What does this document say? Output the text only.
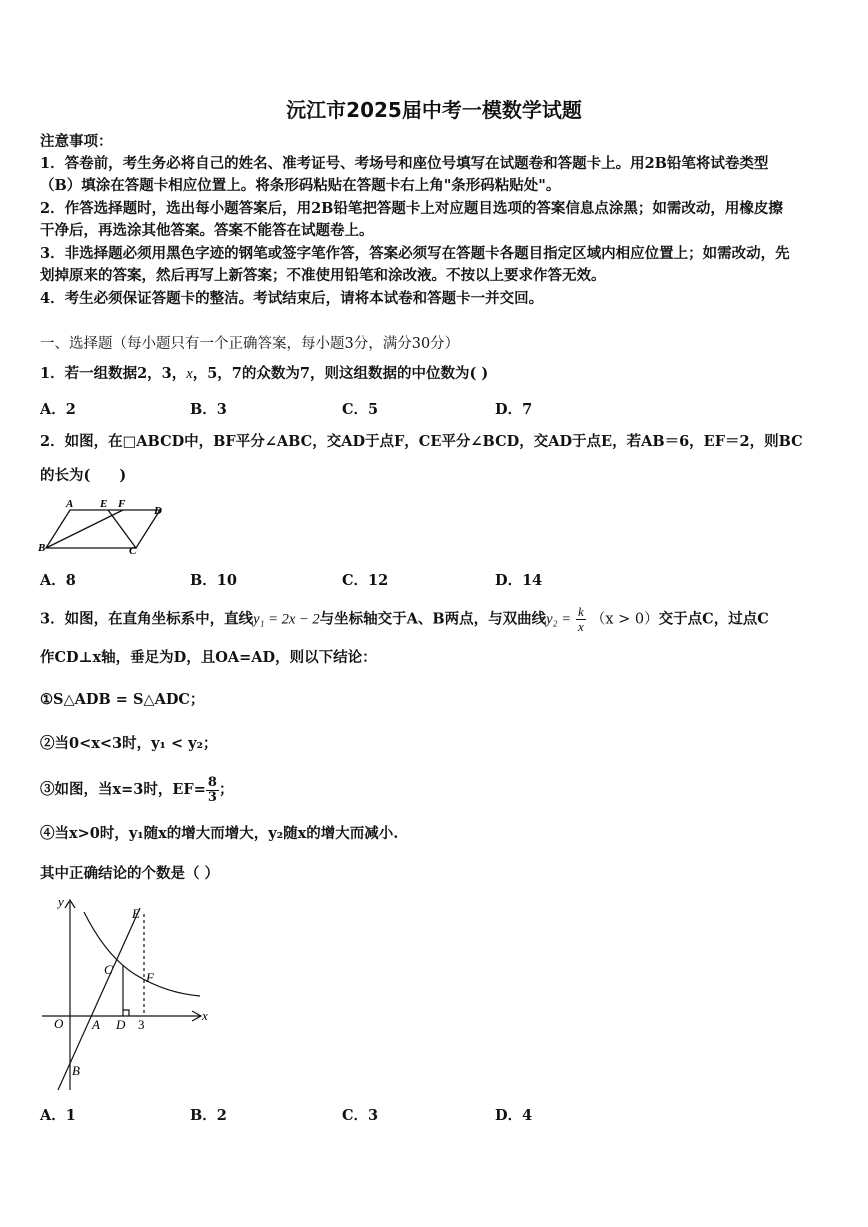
沅江市2025届中考一模数学试题
注意事项：
1．答卷前，考生务必将自己的姓名、准考证号、考场号和座位号填写在试题卷和答题卡上。用2B铅笔将试卷类型
（B）填涂在答题卡相应位置上。将条形码粘贴在答题卡右上角"条形码粘贴处"。
2．作答选择题时，选出每小题答案后，用2B铅笔把答题卡上对应题目选项的答案信息点涂黑；如需改动，用橡皮擦
干净后，再选涂其他答案。答案不能答在试题卷上。
3．非选择题必须用黑色字迹的钢笔或签字笔作答，答案必须写在答题卡各题目指定区域内相应位置上；如需改动，先
划掉原来的答案，然后再写上新答案；不准使用铅笔和涂改液。不按以上要求作答无效。
4．考生必须保证答题卡的整洁。考试结束后，请将本试卷和答题卡一并交回。
一、选择题（每小题只有一个正确答案，每小题3分，满分30分）
1．若一组数据2，3，x，5，7的众数为7，则这组数据的中位数为( )
A．2	B．3	C．5	D．7
2．如图，在□ABCD中，BF平分∠ABC，交AD于点F，CE平分∠BCD，交AD于点E，若AB＝6，EF＝2，则BC
的长为(　　)
A E F
D
B	C
A．8	B．10	C．12	D．14
3．如图，在直角坐标系中，直线y₁ = 2x − 2与坐标轴交于A、B两点，与双曲线$y_2 = \frac{k}{x} (x > 0)$交于点C，过点C
作CD⊥x轴，垂足为D，且OA=AD，则以下结论：
①S△ADB = S△ADC；
②当0<x<3时，y₁ < y₂；
③如图，当x=3时，$EF= \frac{8}{3}$ ；
④当x>0时，y₁随x的增大而增大，y₂随x的增大而减小.
其中正确结论的个数是（ ）
y
E
C
F
O A D 3
x
B
A．1	B．2	C．3	D．4
